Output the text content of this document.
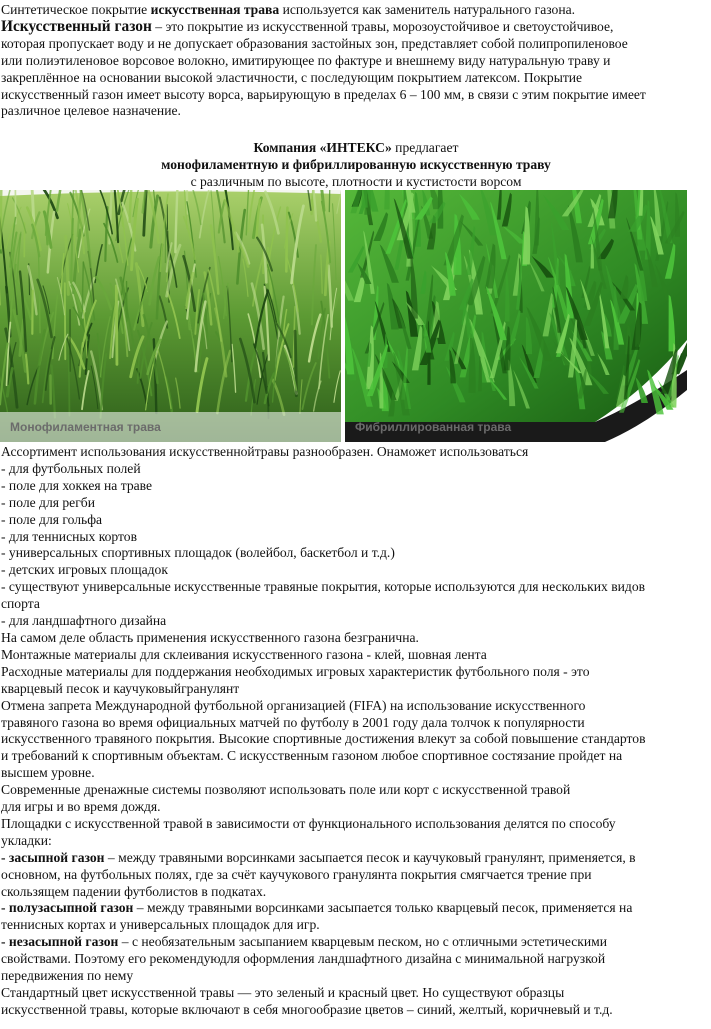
Синтетическое покрытие искусственная трава используется как заменитель натурального газона.

Искусственный газон – это покрытие из искусственной травы, морозоустойчивое и светоустойчивое,

которая пропускает воду и не допускает образования застойных зон, представляет собой полипропиленовое

или полиэтиленовое ворсовое волокно, имитирующее по фактуре и внешнему виду натуральную траву и

закреплённое на основании высокой эластичности, с последующим покрытием латексом. Покрытие

искусственный газон имеет высоту ворса, варьирующую в пределах 6 – 100 мм, в связи с этим покрытие имеет

различное целевое назначение.

Компания «ИНТЕКС» предлагает

монофиламентную и фибриллированную искусственную траву

с различным по высоте, плотности и кустистости ворсом

Монофиламентная трава	Фибриллированная трава

Ассортимент использования искусственнойтравы разнообразен. Онаможет использоваться

- для футбольных полей

- поле для хоккея на траве

- поле для регби

- поле для гольфа

- для теннисных кортов

- универсальных спортивных площадок (волейбол, баскетбол и т.д.)

- детских игровых площадок

- существуют универсальные искусственные травяные покрытия, которые используются для нескольких видов

спорта

- для ландшафтного дизайна

На самом деле область применения искусственного газона безгранична.

Монтажные материалы для склеивания искусственного газона - клей, шовная лента

Расходные материалы для поддержания необходимых игровых характеристик футбольного поля - это

кварцевый песок и каучуковыйгранулянт

Отмена запрета Международной футбольной организацией (FIFA) на использование искусственного

травяного газона во время официальных матчей по футболу в 2001 году дала толчок к популярности

искусственного травяного покрытия. Высокие спортивные достижения влекут за собой повышение стандартов

и требований к спортивным объектам. С искусственным газоном любое спортивное состязание пройдет на

высшем уровне.

Современные дренажные системы позволяют использовать поле или корт с искусственной травой

для игры и во время дождя.

Площадки с искусственной травой в зависимости от функционального использования делятся по способу

укладки:

- засыпной газон – между травяными ворсинками засыпается песок и каучуковый гранулянт, применяется, в

основном, на футбольных полях, где за счёт каучукового гранулянта покрытия смягчается трение при

скользящем падении футболистов в подкатах.

- полузасыпной газон – между травяными ворсинками засыпается только кварцевый песок, применяется на

теннисных кортах и универсальных площадок для игр.

- незасыпной газон – с необязательным засыпанием кварцевым песком, но с отличными эстетическими

свойствами. Поэтому его рекомендуюдля оформления ландшафтного дизайна с минимальной нагрузкой

передвижения по нему

Стандартный цвет искусственной травы — это зеленый и красный цвет. Но существуют образцы

искусственной травы, которые включают в себя многообразие цветов – синий, желтый, коричневый и т.д.
